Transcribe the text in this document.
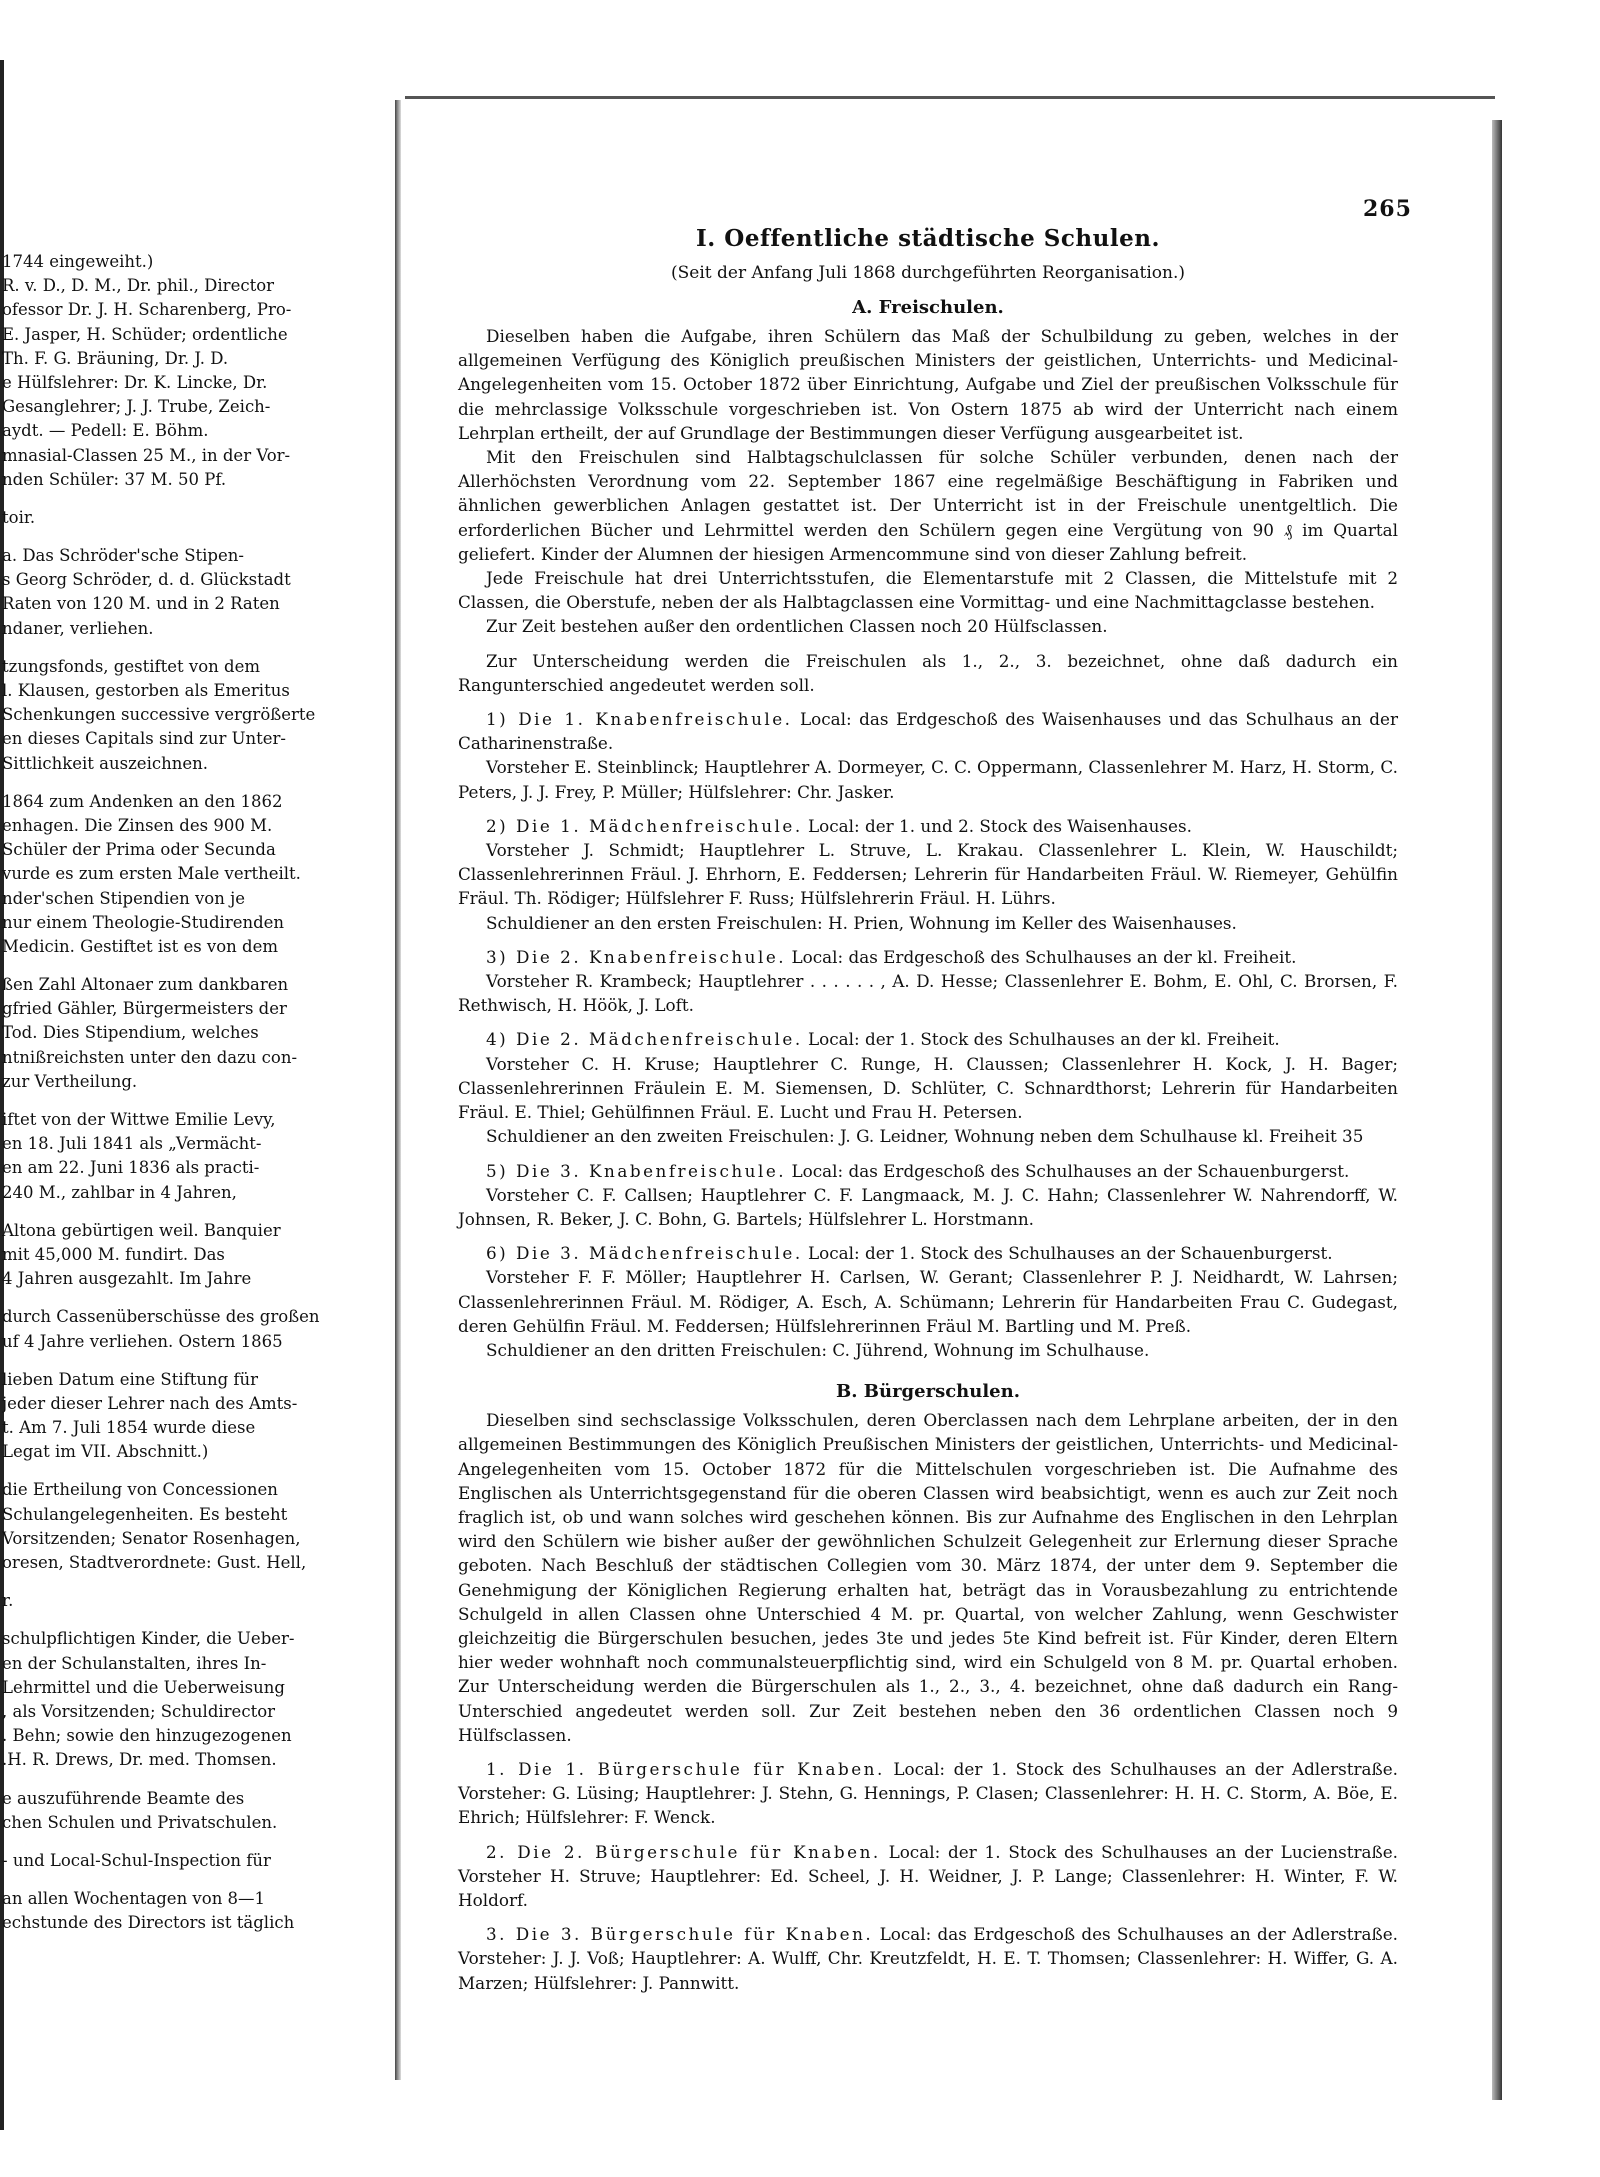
1744 eingeweiht.)
R. v. D., D. M., Dr. phil., Director
ofessor Dr. J. H. Scharenberg, Pro-
E. Jasper, H. Schüder; ordentliche
Th. F. G. Bräuning, Dr. J. D.
e Hülfslehrer: Dr. K. Lincke, Dr.
Gesanglehrer; J. J. Trube, Zeich-
aydt. — Pedell: E. Böhm.
mnasial-Classen 25 M., in der Vor-
nden Schüler: 37 M. 50 Pf.
toir.
a. Das Schröder'sche Stipen-
s Georg Schröder, d. d. Glückstadt
Raten von 120 M. und in 2 Raten
ndaner, verliehen.
tzungsfonds, gestiftet von dem
l. Klausen, gestorben als Emeritus
Schenkungen successive vergrößerte
en dieses Capitals sind zur Unter-
Sittlichkeit auszeichnen.
1864 zum Andenken an den 1862
enhagen. Die Zinsen des 900 M.
Schüler der Prima oder Secunda
vurde es zum ersten Male vertheilt.
nder'schen Stipendien von je
nur einem Theologie-Studirenden
Medicin. Gestiftet ist es von dem
ßen Zahl Altonaer zum dankbaren
gfried Gähler, Bürgermeisters der
Tod. Dies Stipendium, welches
ntnißreichsten unter den dazu con-
zur Vertheilung.
iftet von der Wittwe Emilie Levy,
en 18. Juli 1841 als „Vermächt-
en am 22. Juni 1836 als practi-
240 M., zahlbar in 4 Jahren,
Altona gebürtigen weil. Banquier
mit 45,000 M. fundirt. Das
4 Jahren ausgezahlt. Im Jahre
durch Cassenüberschüsse des großen
uf 4 Jahre verliehen. Ostern 1865
lieben Datum eine Stiftung für
jeder dieser Lehrer nach des Amts-
t. Am 7. Juli 1854 wurde diese
Legat im VII. Abschnitt.)
die Ertheilung von Concessionen
Schulangelegenheiten. Es besteht
Vorsitzenden; Senator Rosenhagen,
oresen, Stadtverordnete: Gust. Hell,
r.
schulpflichtigen Kinder, die Ueber-
en der Schulanstalten, ihres In-
Lehrmittel und die Ueberweisung
, als Vorsitzenden; Schuldirector
. Behn; sowie den hinzugezogenen
.H. R. Drews, Dr. med. Thomsen.
e auszuführende Beamte des
chen Schulen und Privatschulen.
- und Local-Schul-Inspection für
an allen Wochentagen von 8—1
echstunde des Directors ist täglich
265
I. Oeffentliche städtische Schulen.
(Seit der Anfang Juli 1868 durchgeführten Reorganisation.)
A. Freischulen.

Dieselben haben die Aufgabe, ihren Schülern das Maß der Schulbildung zu geben, welches in der allgemeinen Verfügung des Königlich preußischen Ministers der geistlichen, Unterrichts- und Medicinal-Angelegenheiten vom 15. October 1872 über Einrichtung, Aufgabe und Ziel der preußischen Volksschule für die mehrclassige Volksschule vorgeschrieben ist. Von Ostern 1875 ab wird der Unterricht nach einem Lehrplan ertheilt, der auf Grundlage der Bestimmungen dieser Verfügung ausgearbeitet ist.

Mit den Freischulen sind Halbtagschulclassen für solche Schüler verbunden, denen nach der Allerhöchsten Verordnung vom 22. September 1867 eine regelmäßige Beschäftigung in Fabriken und ähnlichen gewerblichen Anlagen gestattet ist. Der Unterricht ist in der Freischule unentgeltlich. Die erforderlichen Bücher und Lehrmittel werden den Schülern gegen eine Vergütung von 90 ₰ im Quartal geliefert. Kinder der Alumnen der hiesigen Armencommune sind von dieser Zahlung befreit.

Jede Freischule hat drei Unterrichtsstufen, die Elementarstufe mit 2 Classen, die Mittelstufe mit 2 Classen, die Oberstufe, neben der als Halbtagclassen eine Vormittag- und eine Nachmittagclasse bestehen.

Zur Zeit bestehen außer den ordentlichen Classen noch 20 Hülfsclassen.

Zur Unterscheidung werden die Freischulen als 1., 2., 3. bezeichnet, ohne daß dadurch ein Rangunterschied angedeutet werden soll.

1) Die 1. Knabenfreischule. Local: das Erdgeschoß des Waisenhauses und das Schulhaus an der Catharinenstraße.

Vorsteher E. Steinblinck; Hauptlehrer A. Dormeyer, C. C. Oppermann, Classenlehrer M. Harz, H. Storm, C. Peters, J. J. Frey, P. Müller; Hülfslehrer: Chr. Jasker.

2) Die 1. Mädchenfreischule. Local: der 1. und 2. Stock des Waisenhauses.

Vorsteher J. Schmidt; Hauptlehrer L. Struve, L. Krakau. Classenlehrer L. Klein, W. Hauschildt; Classenlehrerinnen Fräul. J. Ehrhorn, E. Feddersen; Lehrerin für Handarbeiten Fräul. W. Riemeyer, Gehülfin Fräul. Th. Rödiger; Hülfslehrer F. Russ; Hülfslehrerin Fräul. H. Lührs.

Schuldiener an den ersten Freischulen: H. Prien, Wohnung im Keller des Waisenhauses.

3) Die 2. Knabenfreischule. Local: das Erdgeschoß des Schulhauses an der kl. Freiheit.

Vorsteher R. Krambeck; Hauptlehrer . . . . . . , A. D. Hesse; Classenlehrer E. Bohm, E. Ohl, C. Brorsen, F. Rethwisch, H. Höök, J. Loft.

4) Die 2. Mädchenfreischule. Local: der 1. Stock des Schulhauses an der kl. Freiheit.

Vorsteher C. H. Kruse; Hauptlehrer C. Runge, H. Claussen; Classenlehrer H. Kock, J. H. Bager; Classenlehrerinnen Fräulein E. M. Siemensen, D. Schlüter, C. Schnardthorst; Lehrerin für Handarbeiten Fräul. E. Thiel; Gehülfinnen Fräul. E. Lucht und Frau H. Petersen.

Schuldiener an den zweiten Freischulen: J. G. Leidner, Wohnung neben dem Schulhause kl. Freiheit 35

5) Die 3. Knabenfreischule. Local: das Erdgeschoß des Schulhauses an der Schauenburgerst.

Vorsteher C. F. Callsen; Hauptlehrer C. F. Langmaack, M. J. C. Hahn; Classenlehrer W. Nahrendorff, W. Johnsen, R. Beker, J. C. Bohn, G. Bartels; Hülfslehrer L. Horstmann.

6) Die 3. Mädchenfreischule. Local: der 1. Stock des Schulhauses an der Schauenburgerst.

Vorsteher F. F. Möller; Hauptlehrer H. Carlsen, W. Gerant; Classenlehrer P. J. Neidhardt, W. Lahrsen; Classenlehrerinnen Fräul. M. Rödiger, A. Esch, A. Schümann; Lehrerin für Handarbeiten Frau C. Gudegast, deren Gehülfin Fräul. M. Feddersen; Hülfslehrerinnen Fräul M. Bartling und M. Preß.

Schuldiener an den dritten Freischulen: C. Jührend, Wohnung im Schulhause.

B. Bürgerschulen.

Dieselben sind sechsclassige Volksschulen, deren Oberclassen nach dem Lehrplane arbeiten, der in den allgemeinen Bestimmungen des Königlich Preußischen Ministers der geistlichen, Unterrichts- und Medicinal-Angelegenheiten vom 15. October 1872 für die Mittelschulen vorgeschrieben ist. Die Aufnahme des Englischen als Unterrichtsgegenstand für die oberen Classen wird beabsichtigt, wenn es auch zur Zeit noch fraglich ist, ob und wann solches wird geschehen können. Bis zur Aufnahme des Englischen in den Lehrplan wird den Schülern wie bisher außer der gewöhnlichen Schulzeit Gelegenheit zur Erlernung dieser Sprache geboten. Nach Beschluß der städtischen Collegien vom 30. März 1874, der unter dem 9. September die Genehmigung der Königlichen Regierung erhalten hat, beträgt das in Vorausbezahlung zu entrichtende Schulgeld in allen Classen ohne Unterschied 4 M. pr. Quartal, von welcher Zahlung, wenn Geschwister gleichzeitig die Bürgerschulen besuchen, jedes 3te und jedes 5te Kind befreit ist. Für Kinder, deren Eltern hier weder wohnhaft noch communalsteuerpflichtig sind, wird ein Schulgeld von 8 M. pr. Quartal erhoben. Zur Unterscheidung werden die Bürgerschulen als 1., 2., 3., 4. bezeichnet, ohne daß dadurch ein Rang-Unterschied angedeutet werden soll. Zur Zeit bestehen neben den 36 ordentlichen Classen noch 9 Hülfsclassen.

1. Die 1. Bürgerschule für Knaben. Local: der 1. Stock des Schulhauses an der Adlerstraße. Vorsteher: G. Lüsing; Hauptlehrer: J. Stehn, G. Hennings, P. Clasen; Classenlehrer: H. H. C. Storm, A. Böe, E. Ehrich; Hülfslehrer: F. Wenck.

2. Die 2. Bürgerschule für Knaben. Local: der 1. Stock des Schulhauses an der Lucienstraße. Vorsteher H. Struve; Hauptlehrer: Ed. Scheel, J. H. Weidner, J. P. Lange; Classenlehrer: H. Winter, F. W. Holdorf.

3. Die 3. Bürgerschule für Knaben. Local: das Erdgeschoß des Schulhauses an der Adlerstraße. Vorsteher: J. J. Voß; Hauptlehrer: A. Wulff, Chr. Kreutzfeldt, H. E. T. Thomsen; Classenlehrer: H. Wiffer, G. A. Marzen; Hülfslehrer: J. Pannwitt.
